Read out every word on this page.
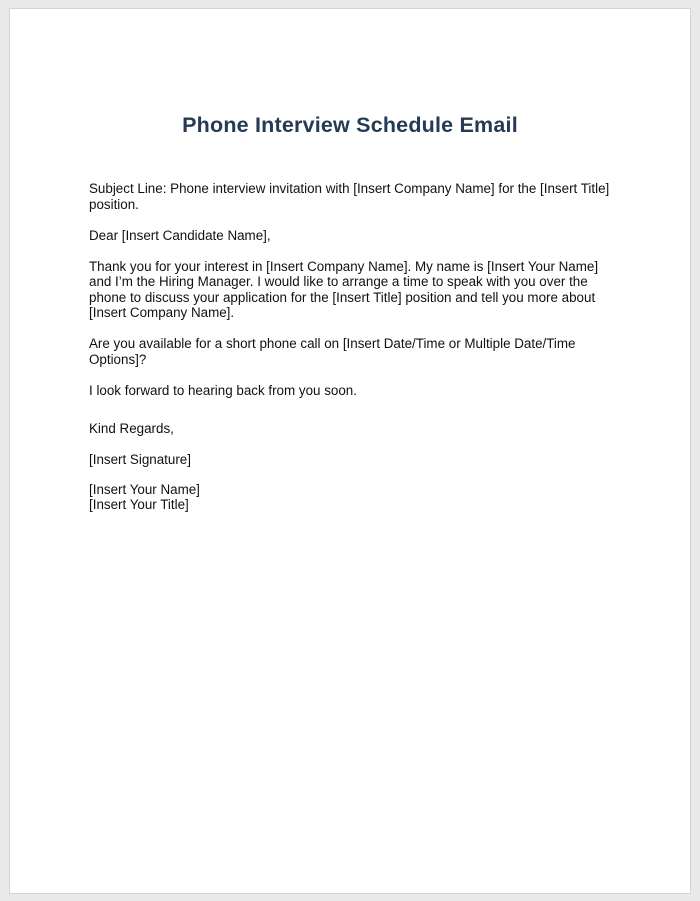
Phone Interview Schedule Email

Subject Line: Phone interview invitation with [Insert Company Name] for the [Insert Title]
position.

Dear [Insert Candidate Name],

Thank you for your interest in [Insert Company Name]. My name is [Insert Your Name]
and I’m the Hiring Manager. I would like to arrange a time to speak with you over the
phone to discuss your application for the [Insert Title] position and tell you more about
[Insert Company Name].

Are you available for a short phone call on [Insert Date/Time or Multiple Date/Time
Options]?

I look forward to hearing back from you soon.

Kind Regards,

[Insert Signature]

[Insert Your Name]

[Insert Your Title]
